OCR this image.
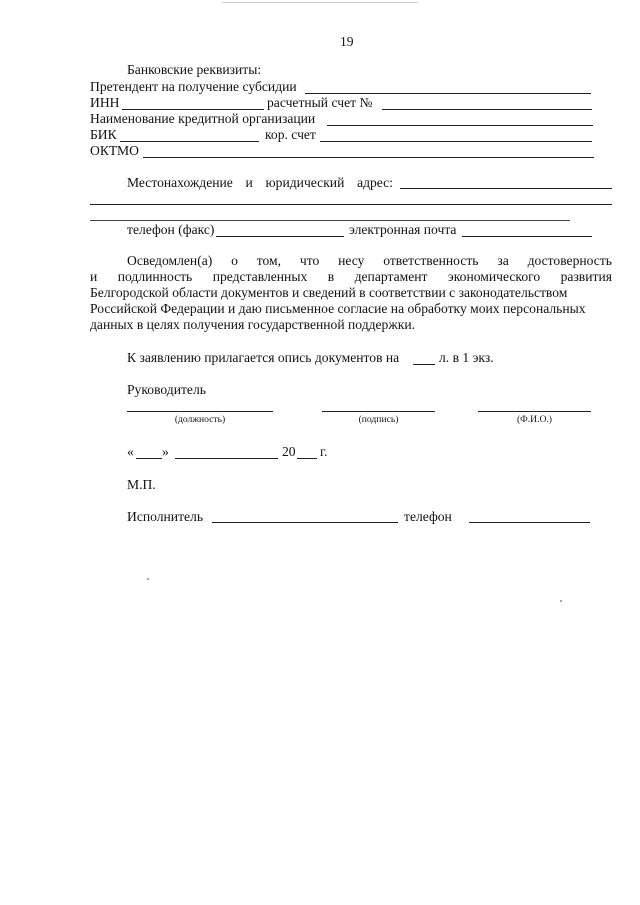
19
Банковские реквизиты:
Претендент на получение субсидии
ИНН	расчетный счет №
Наименование кредитной организации
БИК	кор. счет
ОКТМО
Местонахождение и юридический адрес:
телефон (факс)	электронная почта
Осведомлен(а) о том, что несу ответственность за достоверность
и подлинность представленных в департамент экономического развития
Белгородской области документов и сведений в соответствии с законодательством
Российской Федерации и даю письменное согласие на обработку моих персональных
данных в целях получения государственной поддержки.
К заявлению прилагается опись документов на	л. в 1 экз.
Руководитель
(должность)	(подпись)	(Ф.И.О.)
« »	20 г.
М.П.
Исполнитель	телефон
